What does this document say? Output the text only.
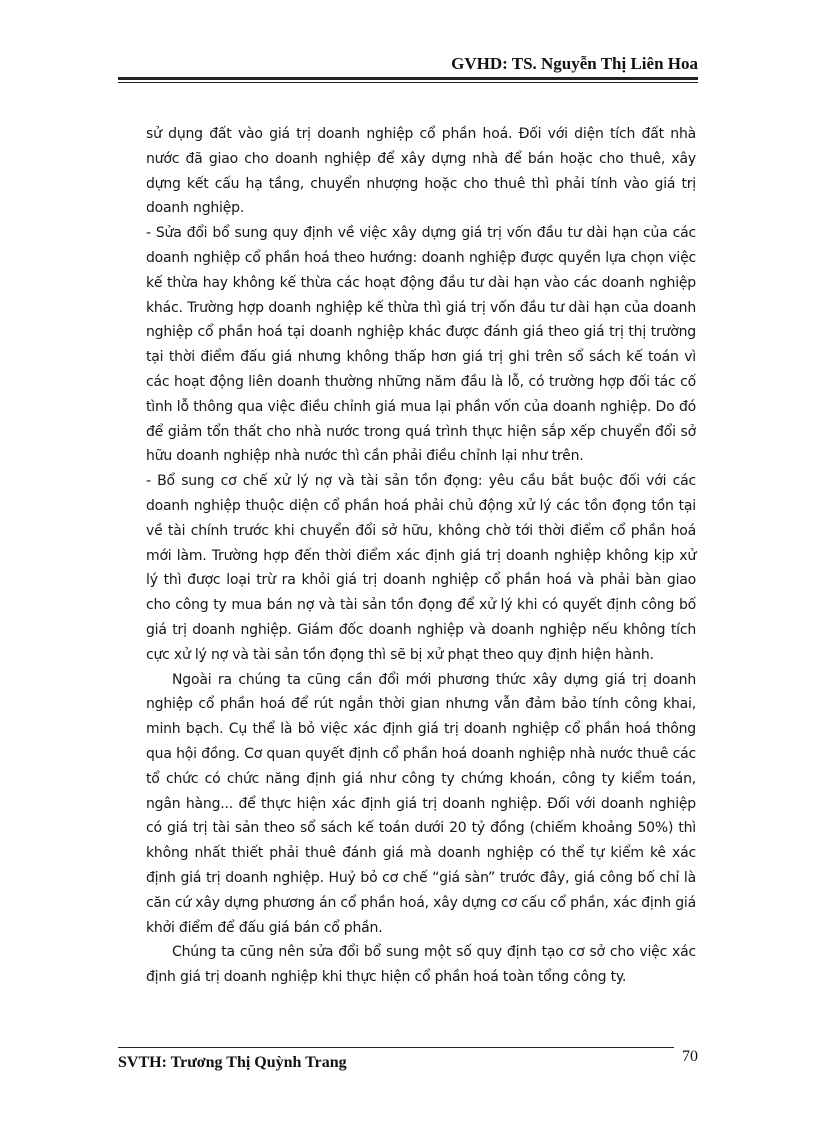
GVHD: TS. Nguyễn Thị Liên Hoa

sử dụng đất vào giá trị doanh nghiệp cổ phần hoá. Đối với diện tích đất nhà nước đã giao cho doanh nghiệp để xây dựng nhà để bán hoặc cho thuê, xây dựng kết cấu hạ tầng, chuyển nhượng hoặc cho thuê thì phải tính vào giá trị doanh nghiệp.

- Sửa đổi bổ sung quy định về việc xây dựng giá trị vốn đầu tư dài hạn của các doanh nghiệp cổ phần hoá theo hướng: doanh nghiệp được quyền lựa chọn việc kế thừa hay không kế thừa các hoạt động đầu tư dài hạn vào các doanh nghiệp khác. Trường hợp doanh nghiệp kế thừa thì giá trị vốn đầu tư dài hạn của doanh nghiệp cổ phần hoá tại doanh nghiệp khác được đánh giá theo giá trị thị trường tại thời điểm đấu giá nhưng không thấp hơn giá trị ghi trên sổ sách kế toán vì các hoạt động liên doanh thường những năm đầu là lỗ, có trường hợp đối tác cố tình lỗ thông qua việc điều chỉnh giá mua lại phần vốn của doanh nghiệp. Do đó để giảm tổn thất cho nhà nước trong quá trình thực hiện sắp xếp chuyển đổi sở hữu doanh nghiệp nhà nước thì cần phải điều chỉnh lại như trên.

- Bổ sung cơ chế xử lý nợ và tài sản tồn đọng: yêu cầu bắt buộc đối với các doanh nghiệp thuộc diện cổ phần hoá phải chủ động xử lý các tồn đọng tồn tại về tài chính trước khi chuyển đổi sở hữu, không chờ tới thời điểm cổ phần hoá mới làm. Trường hợp đến thời điểm xác định giá trị doanh nghiệp không kịp xử lý thì được loại trừ ra khỏi giá trị doanh nghiệp cổ phần hoá và phải bàn giao cho công ty mua bán nợ và tài sản tồn đọng để xử lý khi có quyết định công bố giá trị doanh nghiệp. Giám đốc doanh nghiệp và doanh nghiệp nếu không tích cực xử lý nợ và tài sản tồn đọng thì sẽ bị xử phạt theo quy định hiện hành.

Ngoài ra chúng ta cũng cần đổi mới phương thức xây dựng giá trị doanh nghiệp cổ phần hoá để rút ngắn thời gian nhưng vẫn đảm bảo tính công khai, minh bạch. Cụ thể là bỏ việc xác định giá trị doanh nghiệp cổ phần hoá thông qua hội đồng. Cơ quan quyết định cổ phần hoá doanh nghiệp nhà nước thuê các tổ chức có chức năng định giá như công ty chứng khoán, công ty kiểm toán, ngân hàng... để thực hiện xác định giá trị doanh nghiệp. Đối với doanh nghiệp có giá trị tài sản theo sổ sách kế toán dưới 20 tỷ đồng (chiếm khoảng 50%) thì không nhất thiết phải thuê đánh giá mà doanh nghiệp có thể tự kiểm kê xác định giá trị doanh nghiệp. Huỷ bỏ cơ chế “giá sàn” trước đây, giá công bố chỉ là căn cứ xây dựng phương án cổ phần hoá, xây dựng cơ cấu cổ phần, xác định giá khởi điểm để đấu giá bán cổ phần.

Chúng ta cũng nên sửa đổi bổ sung một số quy định tạo cơ sở cho việc xác định giá trị doanh nghiệp khi thực hiện cổ phần hoá toàn tổng công ty.

SVTH: Trương Thị Quỳnh Trang	70
